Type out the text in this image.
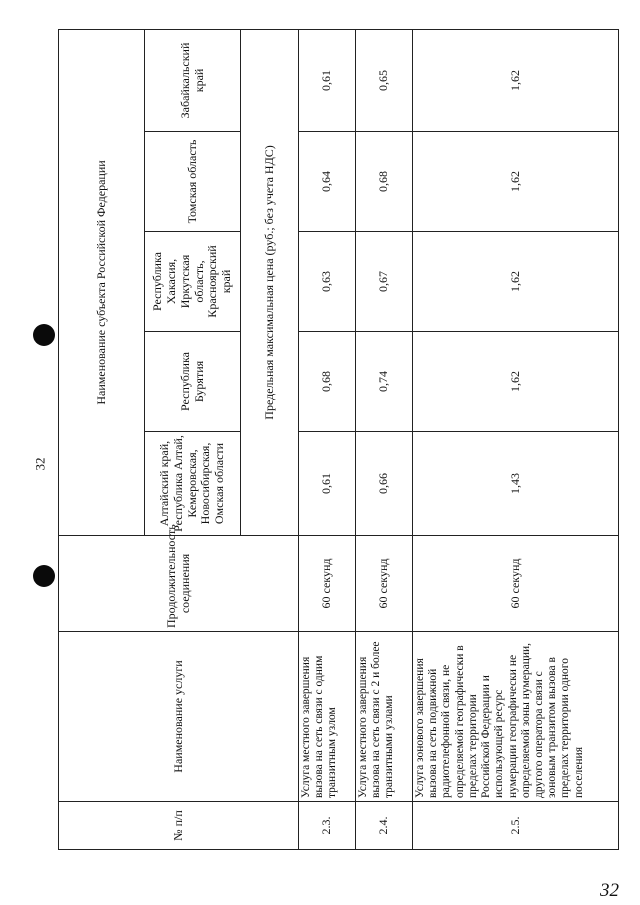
32
32
№ п/п	Наименование услуги	Продолжительность соединения	Наименование субъекта Российской Федерации				
			Алтайский край, Республика Алтай, Кемеровская, Новосибирская, Омская области	Республика Бурятия	Республика Хакасия, Иркутская область, Красноярский край	Томская область	Забайкальский край
			Предельная максимальная цена (руб.; без учета НДС)				
2.3.	Услуга местного завершения вызова на сеть связи с одним транзитным узлом	60 секунд	0,61	0,68	0,63	0,64	0,61
2.4.	Услуга местного завершения вызова на сеть связи с 2 и более транзитными узлами	60 секунд	0,66	0,74	0,67	0,68	0,65
2.5.	Услуга зонового завершения вызова на сеть подвижной радиотелефонной связи, не определяемой географически в пределах территории Российской Федерации и использующей ресурс нумерации географически не определяемой зоны нумерации, другого оператора связи с зоновым транзитом вызова в пределах территории одного поселения	60 секунд	1,43	1,62	1,62	1,62	1,62
